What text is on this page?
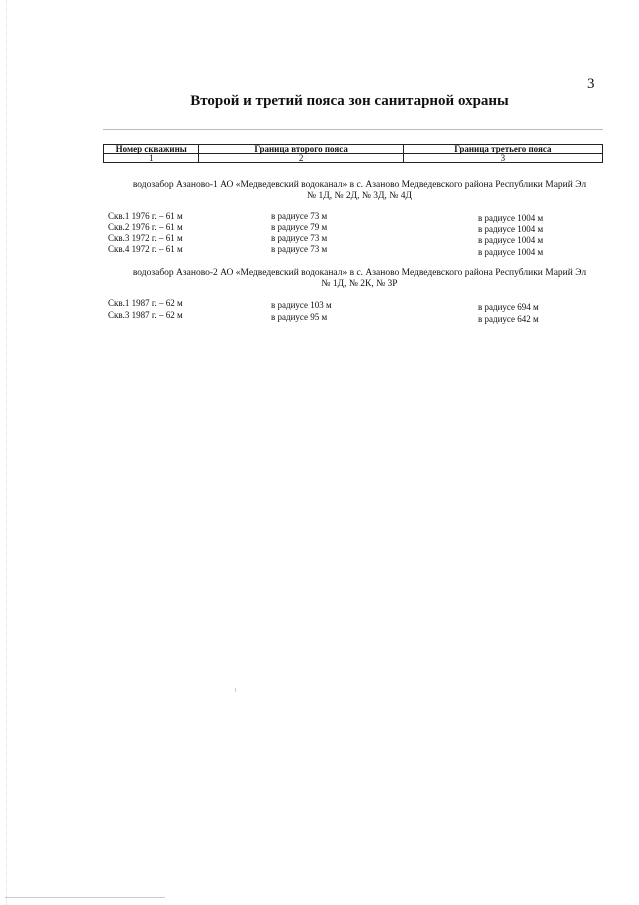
3
Второй и третий пояса зон санитарной охраны
Номер скважины	Граница второго пояса	Граница третьего пояса
1	2	3
водозабор Азаново-1 АО «Медведевский водоканал» в с. Азаново Медведевского района Республики Марий Эл
№ 1Д, № 2Д, № 3Д, № 4Д
Скв.1 1976 г. – 61 м	в радиусе 73 м	в радиусе 1004 м
Скв.2 1976 г. – 61 м	в радиусе 79 м	в радиусе 1004 м
Скв.3 1972 г. – 61 м	в радиусе 73 м	в радиусе 1004 м
Скв.4 1972 г. – 61 м	в радиусе 73 м	в радиусе 1004 м
водозабор Азаново-2 АО «Медведевский водоканал» в с. Азаново Медведевского района Республики Марий Эл
№ 1Д, № 2К, № 3Р
Скв.1 1987 г. – 62 м	в радиусе 103 м	в радиусе 694 м
Скв.3 1987 г. – 62 м	в радиусе 95 м	в радиусе 642 м
